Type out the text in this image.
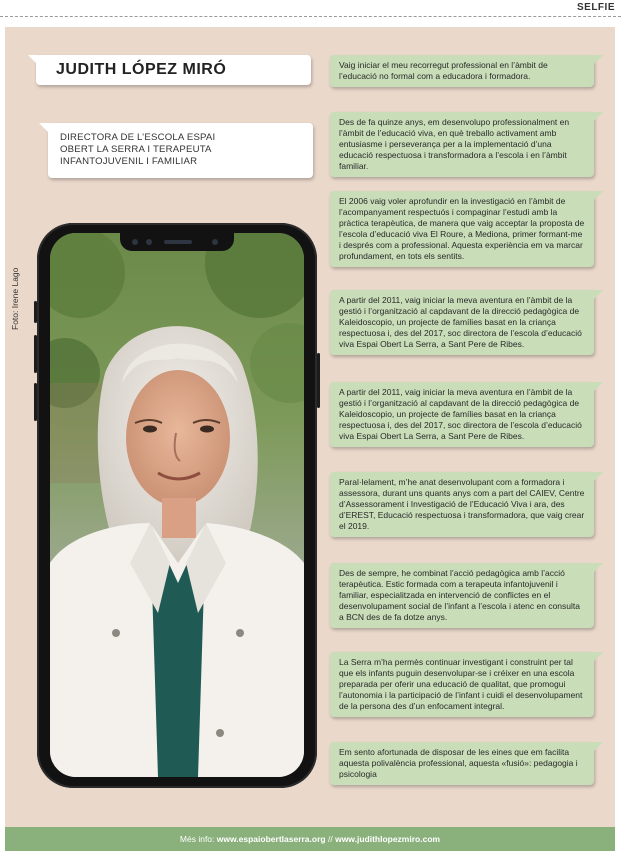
SELFIE
JUDITH LÓPEZ MIRÓ
DIRECTORA DE L’ESCOLA ESPAI
OBERT LA SERRA I TERAPEUTA
INFANTOJUVENIL I FAMILIAR
Foto: Irene Lago
Vaig iniciar el meu recorregut professional en l’àmbit de l’educació no formal com a educadora i formadora.
Des de fa quinze anys, em desenvolupo professionalment en l’àmbit de l’educació viva, en què treballo activament amb entusiasme i perseverança per a la implementació d’una educació respectuosa i transformadora a l’escola i en l’àmbit familiar.
El 2006 vaig voler aprofundir en la investigació en l’àmbit de l’acompanyament respectuós i compaginar l’estudi amb la pràctica terapèutica, de manera que vaig acceptar la proposta de l’escola d’educació viva El Roure, a Mediona, primer formant-me i després com a professional. Aquesta experiència em va marcar profundament, en tots els sentits.
A partir del 2011, vaig iniciar la meva aventura en l’àmbit de la gestió i l’organització al capdavant de la direcció pedagògica de Kaleidoscopio, un projecte de famílies basat en la criança respectuosa i, des del 2017, soc directora de l’escola d’educació viva Espai Obert La Serra, a Sant Pere de Ribes.
A partir del 2011, vaig iniciar la meva aventura en l’àmbit de la gestió i l’organització al capdavant de la direcció pedagògica de Kaleidoscopio, un projecte de famílies basat en la criança respectuosa i, des del 2017, soc directora de l’escola d’educació viva Espai Obert La Serra, a Sant Pere de Ribes.
Paral·lelament, m’he anat desenvolupant com a formadora i assessora, durant uns quants anys com a part del CAIEV, Centre d’Assessorament i Investigació de l’Educació Viva i ara, des d’EREST, Educació respectuosa i transformadora, que vaig crear el 2019.
Des de sempre, he combinat l’acció pedagògica amb l’acció terapèutica. Estic formada com a terapeuta infantojuvenil i familiar, especialitzada en intervenció de conflictes en el desenvolupament social de l’infant a l’escola i atenc en consulta a BCN des de fa dotze anys.
La Serra m’ha permès continuar investigant i construint per tal que els infants puguin desenvolupar-se i créixer en una escola preparada per oferir una educació de qualitat, que promogui l’autonomia i la participació de l’infant i cuidi el desenvolupament de la persona des d’un enfocament integral.
Em sento afortunada de disposar de les eines que em facilita aquesta polivalència professional, aquesta «fusió»: pedagogia i psicologia
Més info: www.espaiobertlaserra.org // www.judithlopezmiro.com
